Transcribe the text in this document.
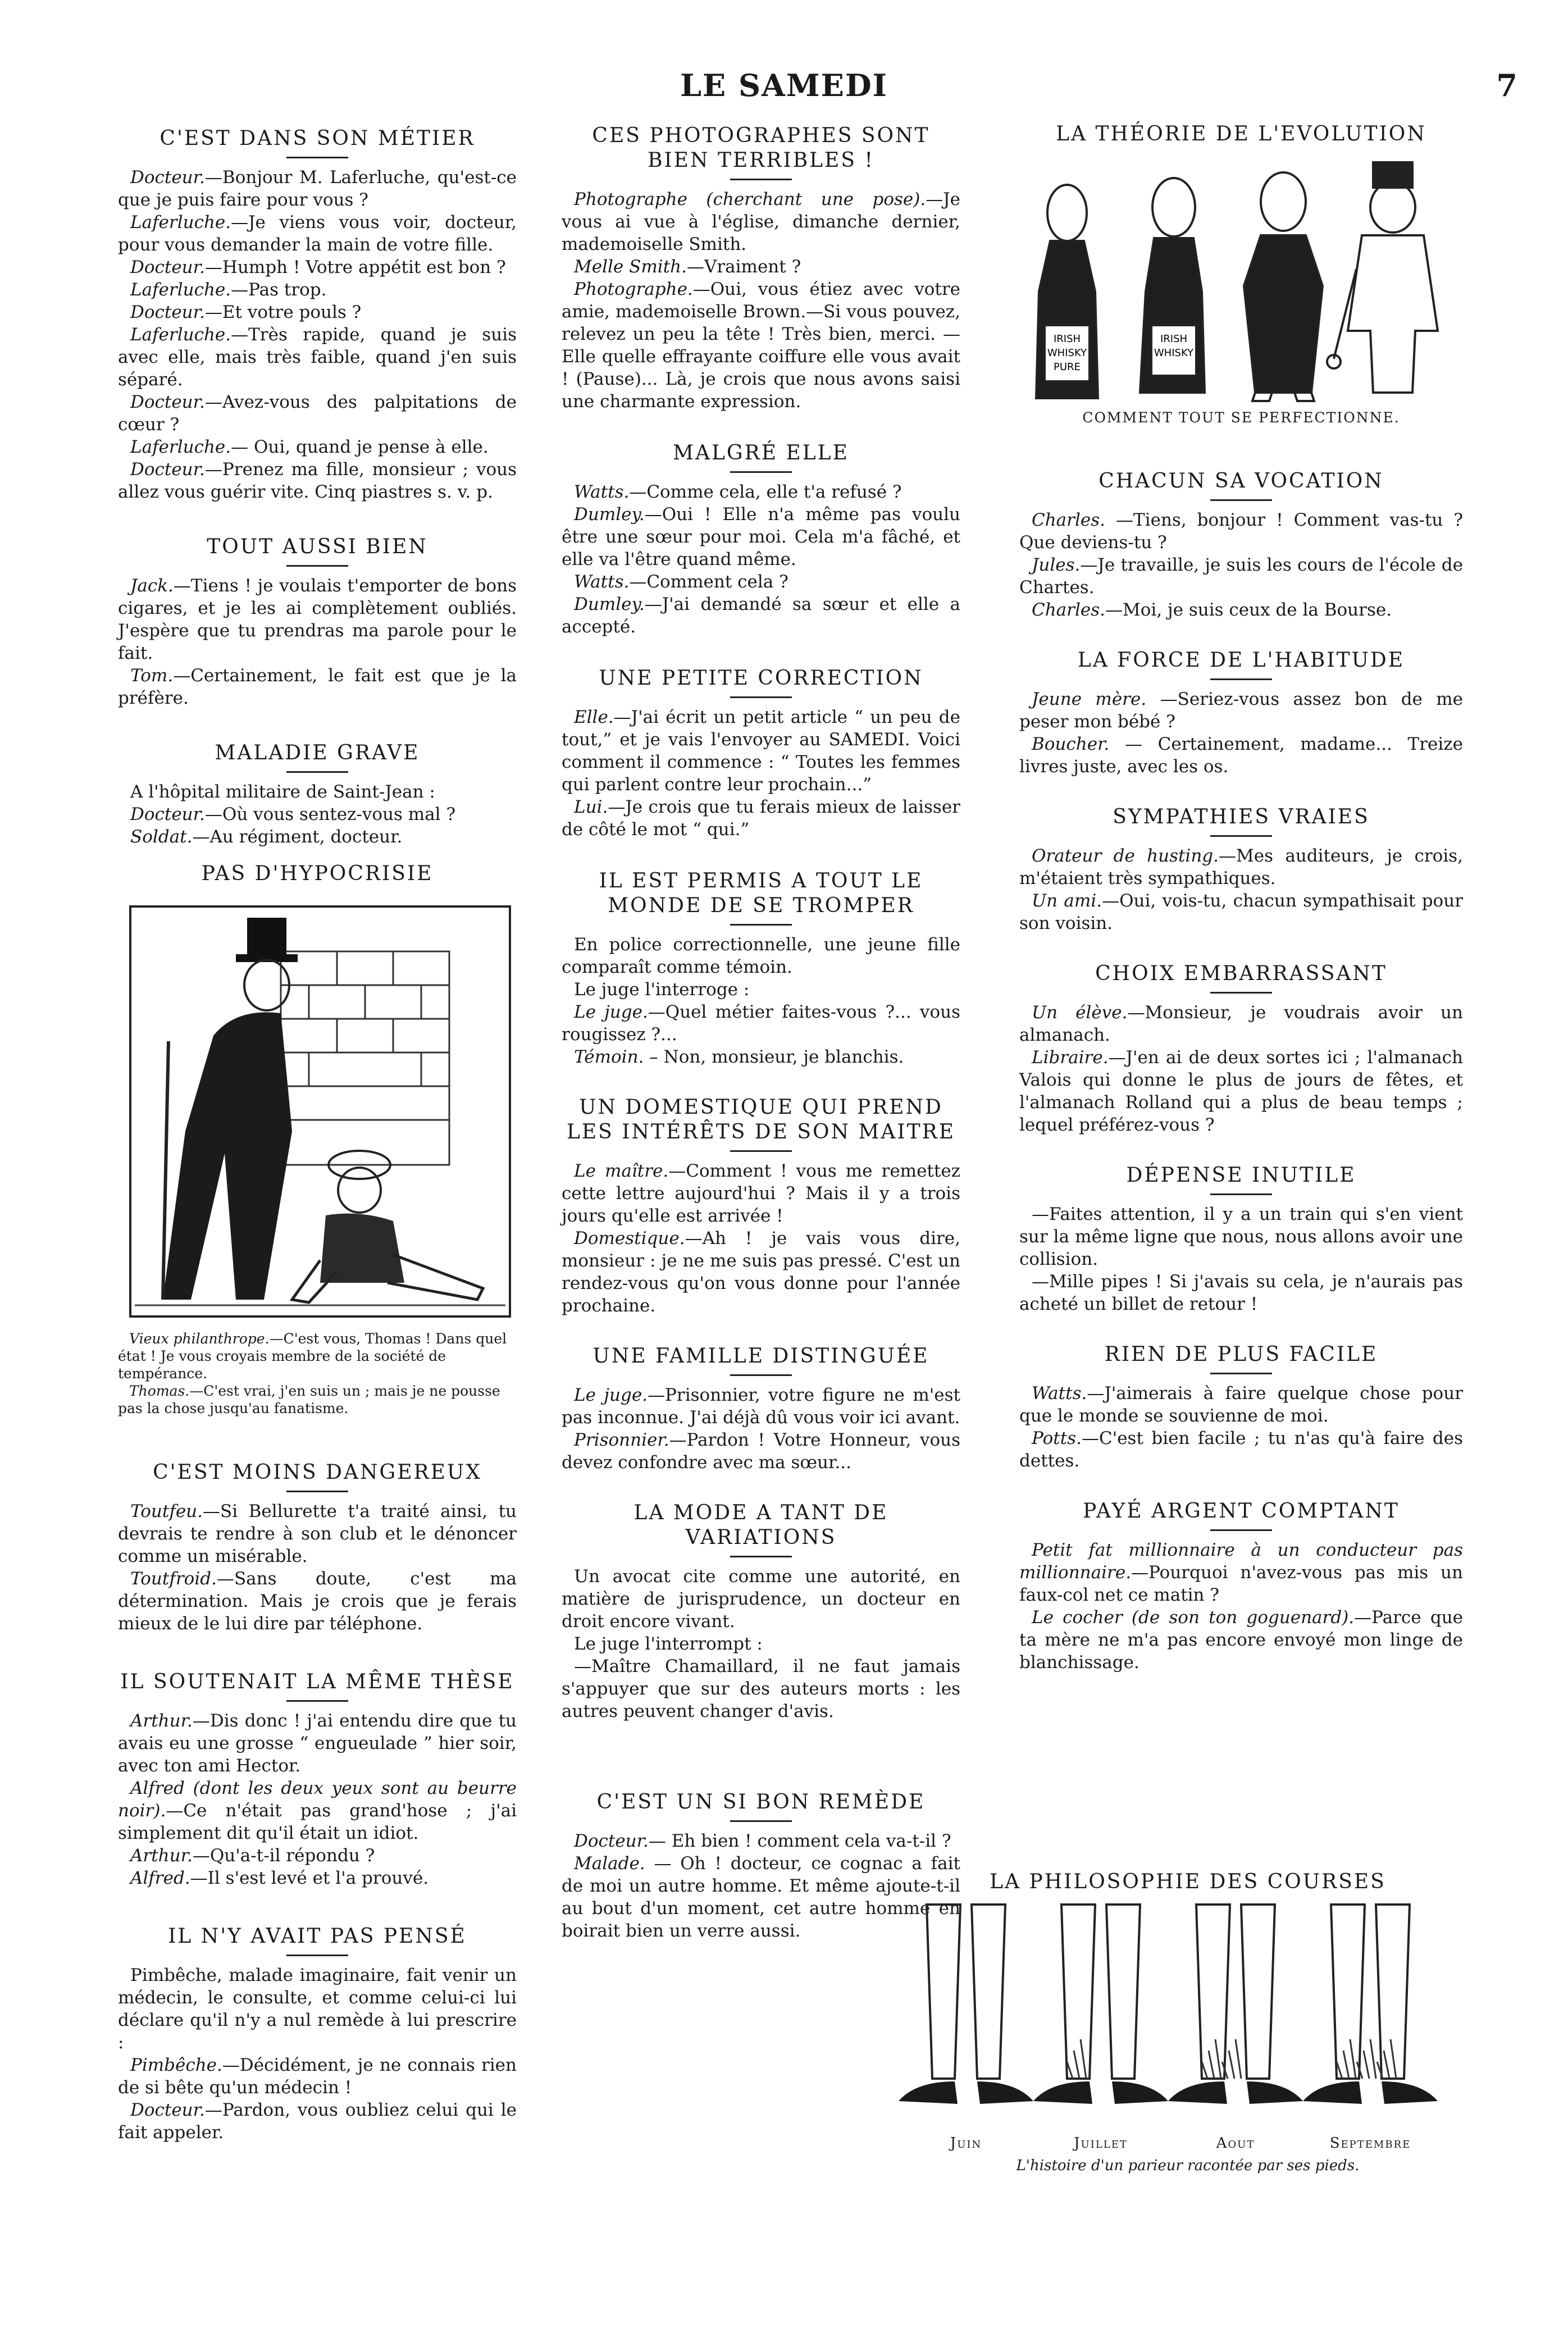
LE SAMEDI	7
C'EST DANS SON MÉTIER

Docteur.—Bonjour M. Laferluche, qu'est-ce que je puis faire pour vous ?

Laferluche.—Je viens vous voir, docteur, pour vous demander la main de votre fille.

Docteur.—Humph ! Votre appétit est bon ?

Laferluche.—Pas trop.

Docteur.—Et votre pouls ?

Laferluche.—Très rapide, quand je suis avec elle, mais très faible, quand j'en suis séparé.

Docteur.—Avez-vous des palpitations de cœur ?

Laferluche.— Oui, quand je pense à elle.

Docteur.—Prenez ma fille, monsieur ; vous allez vous guérir vite. Cinq piastres s. v. p.

TOUT AUSSI BIEN

Jack.—Tiens ! je voulais t'emporter de bons cigares, et je les ai complètement oubliés. J'espère que tu prendras ma parole pour le fait.

Tom.—Certainement, le fait est que je la préfère.

MALADIE GRAVE

A l'hôpital militaire de Saint-Jean :

Docteur.—Où vous sentez-vous mal ?

Soldat.—Au régiment, docteur.

PAS D'HYPOCRISIE
Vieux philanthrope.—C'est vous, Thomas ! Dans quel état ! Je vous croyais membre de la société de tempérance.
Thomas.—C'est vrai, j'en suis un ; mais je ne pousse pas la chose jusqu'au fanatisme.
C'EST MOINS DANGEREUX

Toutfeu.—Si Bellurette t'a traité ainsi, tu devrais te rendre à son club et le dénoncer comme un misérable.

Toutfroid.—Sans doute, c'est ma détermination. Mais je crois que je ferais mieux de le lui dire par téléphone.

IL SOUTENAIT LA MÊME THÈSE

Arthur.—Dis donc ! j'ai entendu dire que tu avais eu une grosse “ engueulade ” hier soir, avec ton ami Hector.

Alfred (dont les deux yeux sont au beurre noir).—Ce n'était pas grand'hose ; j'ai simplement dit qu'il était un idiot.

Arthur.—Qu'a-t-il répondu ?

Alfred.—Il s'est levé et l'a prouvé.

IL N'Y AVAIT PAS PENSÉ

Pimbêche, malade imaginaire, fait venir un médecin, le consulte, et comme celui-ci lui déclare qu'il n'y a nul remède à lui prescrire :

Pimbêche.—Décidément, je ne connais rien de si bête qu'un médecin !

Docteur.—Pardon, vous oubliez celui qui le fait appeler.

CES PHOTOGRAPHES SONT BIEN TERRIBLES !

Photographe (cherchant une pose).—Je vous ai vue à l'église, dimanche dernier, mademoiselle Smith.

Melle Smith.—Vraiment ?

Photographe.—Oui, vous étiez avec votre amie, mademoiselle Brown.—Si vous pouvez, relevez un peu la tête ! Très bien, merci. —Elle quelle effrayante coiffure elle vous avait ! (Pause)... Là, je crois que nous avons saisi une charmante expression.

MALGRÉ ELLE

Watts.—Comme cela, elle t'a refusé ?

Dumley.—Oui ! Elle n'a même pas voulu être une sœur pour moi. Cela m'a fâché, et elle va l'être quand même.

Watts.—Comment cela ?

Dumley.—J'ai demandé sa sœur et elle a accepté.

UNE PETITE CORRECTION

Elle.—J'ai écrit un petit article “ un peu de tout,” et je vais l'envoyer au SAMEDI. Voici comment il commence : “ Toutes les femmes qui parlent contre leur prochain...”

Lui.—Je crois que tu ferais mieux de laisser de côté le mot “ qui.”

IL EST PERMIS A TOUT LE MONDE DE SE TROMPER

En police correctionnelle, une jeune fille comparaît comme témoin.

Le juge l'interroge :

Le juge.—Quel métier faites-vous ?... vous rougissez ?...

Témoin. – Non, monsieur, je blanchis.

UN DOMESTIQUE QUI PREND LES INTÉRÊTS DE SON MAITRE

Le maître.—Comment ! vous me remettez cette lettre aujourd'hui ? Mais il y a trois jours qu'elle est arrivée !

Domestique.—Ah ! je vais vous dire, monsieur : je ne me suis pas pressé. C'est un rendez-vous qu'on vous donne pour l'année prochaine.

UNE FAMILLE DISTINGUÉE

Le juge.—Prisonnier, votre figure ne m'est pas inconnue. J'ai déjà dû vous voir ici avant.

Prisonnier.—Pardon ! Votre Honneur, vous devez confondre avec ma sœur...

LA MODE A TANT DE VARIATIONS

Un avocat cite comme une autorité, en matière de jurisprudence, un docteur en droit encore vivant.

Le juge l'interrompt :

—Maître Chamaillard, il ne faut jamais s'appuyer que sur des auteurs morts : les autres peuvent changer d'avis.

C'EST UN SI BON REMÈDE

Docteur.— Eh bien ! comment cela va-t-il ?

Malade. — Oh ! docteur, ce cognac a fait de moi un autre homme. Et même ajoute-t-il au bout d'un moment, cet autre homme en boirait bien un verre aussi.

LA THÉORIE DE L'EVOLUTION
IRISH
WHISKY
PURE
IRISH
WHISKY
COMMENT TOUT SE PERFECTIONNE.
CHACUN SA VOCATION

Charles. —Tiens, bonjour ! Comment vas-tu ? Que deviens-tu ?

Jules.—Je travaille, je suis les cours de l'école de Chartes.

Charles.—Moi, je suis ceux de la Bourse.

LA FORCE DE L'HABITUDE

Jeune mère. —Seriez-vous assez bon de me peser mon bébé ?

Boucher. — Certainement, madame... Treize livres juste, avec les os.

SYMPATHIES VRAIES

Orateur de husting.—Mes auditeurs, je crois, m'étaient très sympathiques.

Un ami.—Oui, vois-tu, chacun sympathisait pour son voisin.

CHOIX EMBARRASSANT

Un élève.—Monsieur, je voudrais avoir un almanach.

Libraire.—J'en ai de deux sortes ici ; l'almanach Valois qui donne le plus de jours de fêtes, et l'almanach Rolland qui a plus de beau temps ; lequel préférez-vous ?

DÉPENSE INUTILE

—Faites attention, il y a un train qui s'en vient sur la même ligne que nous, nous allons avoir une collision.

—Mille pipes ! Si j'avais su cela, je n'aurais pas acheté un billet de retour !

RIEN DE PLUS FACILE

Watts.—J'aimerais à faire quelque chose pour que le monde se souvienne de moi.

Potts.—C'est bien facile ; tu n'as qu'à faire des dettes.

PAYÉ ARGENT COMPTANT

Petit fat millionnaire à un conducteur pas millionnaire.—Pourquoi n'avez-vous pas mis un faux-col net ce matin ?

Le cocher (de son ton goguenard).—Parce que ta mère ne m'a pas encore envoyé mon linge de blanchissage.

LA PHILOSOPHIE DES COURSES
Juin	Juillet	Aout	Septembre
L'histoire d'un parieur racontée par ses pieds.
